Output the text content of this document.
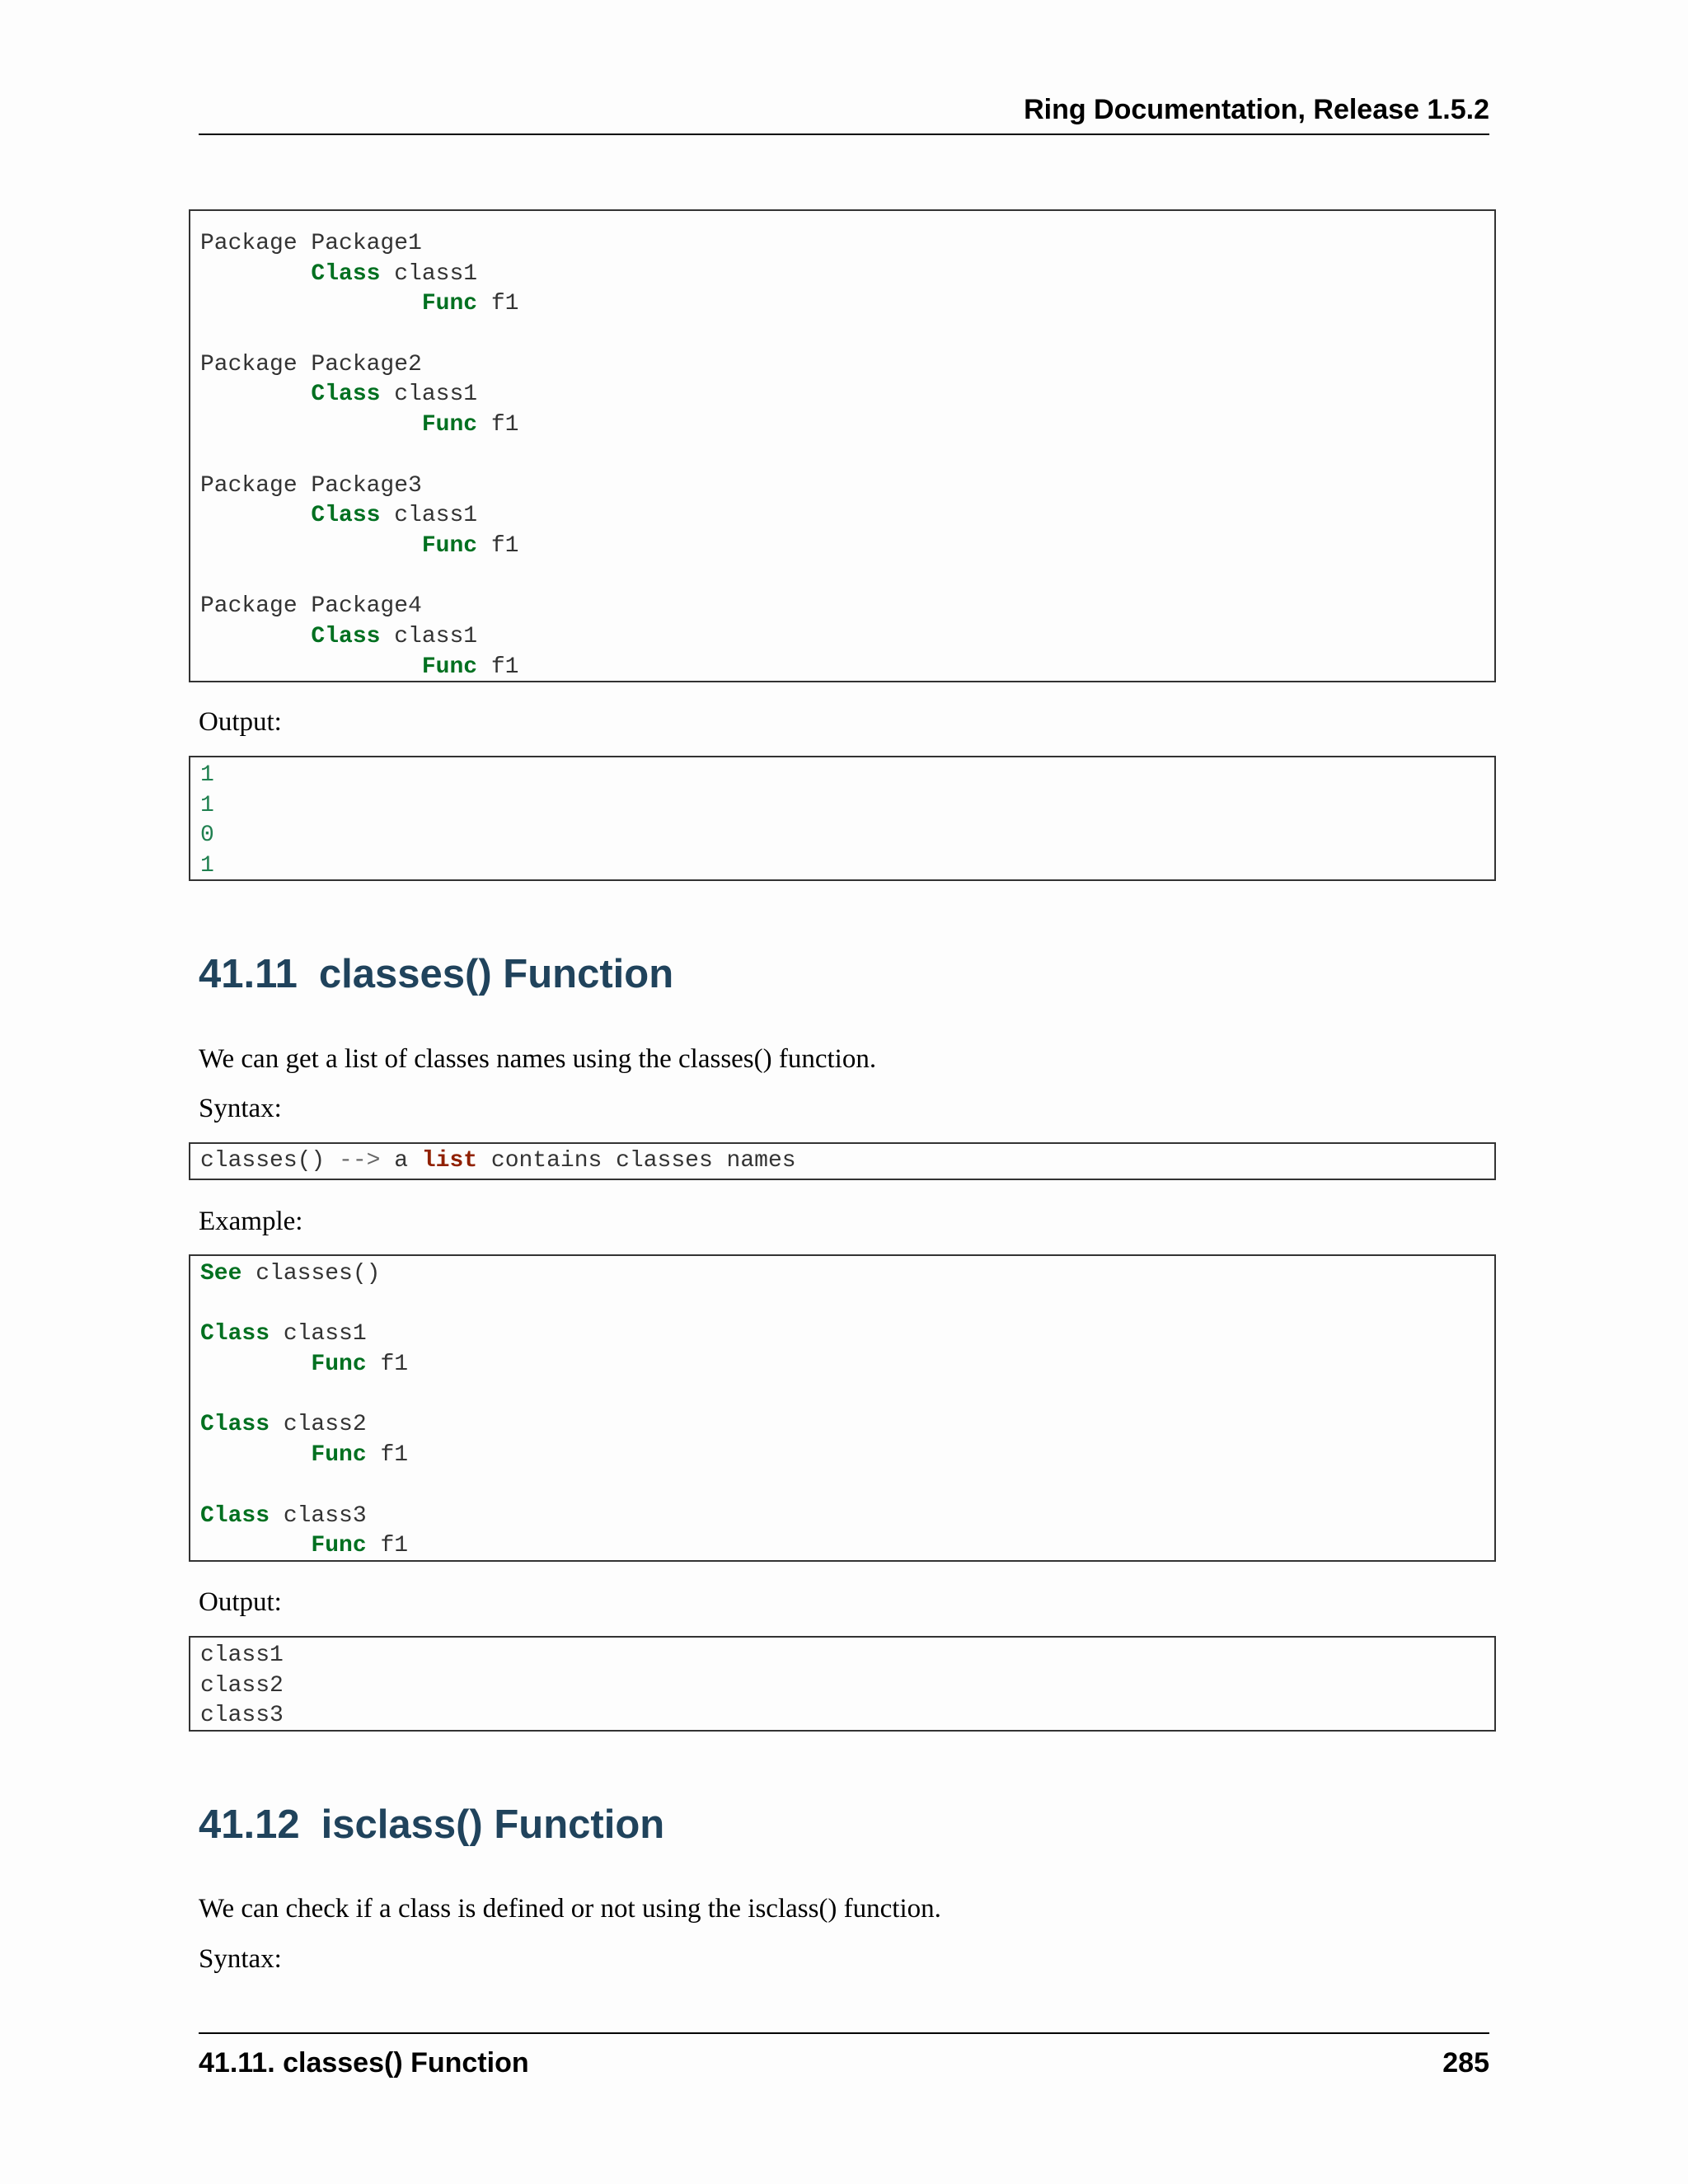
Ring Documentation, Release 1.5.2
Package Package1
Class class1
Func f1
Package Package2
Class class1
Func f1
Package Package3
Class class1
Func f1
Package Package4
Class class1
Func f1
Output:
1
1
0
1
41.11 classes() Function
We can get a list of classes names using the classes() function.
Syntax:
classes() --> a list contains classes names
Example:
See classes()
Class class1
Func f1
Class class2
Func f1
Class class3
Func f1
Output:
class1
class2
class3
41.12 isclass() Function
We can check if a class is defined or not using the isclass() function.
Syntax:
41.11. classes() Function	285
